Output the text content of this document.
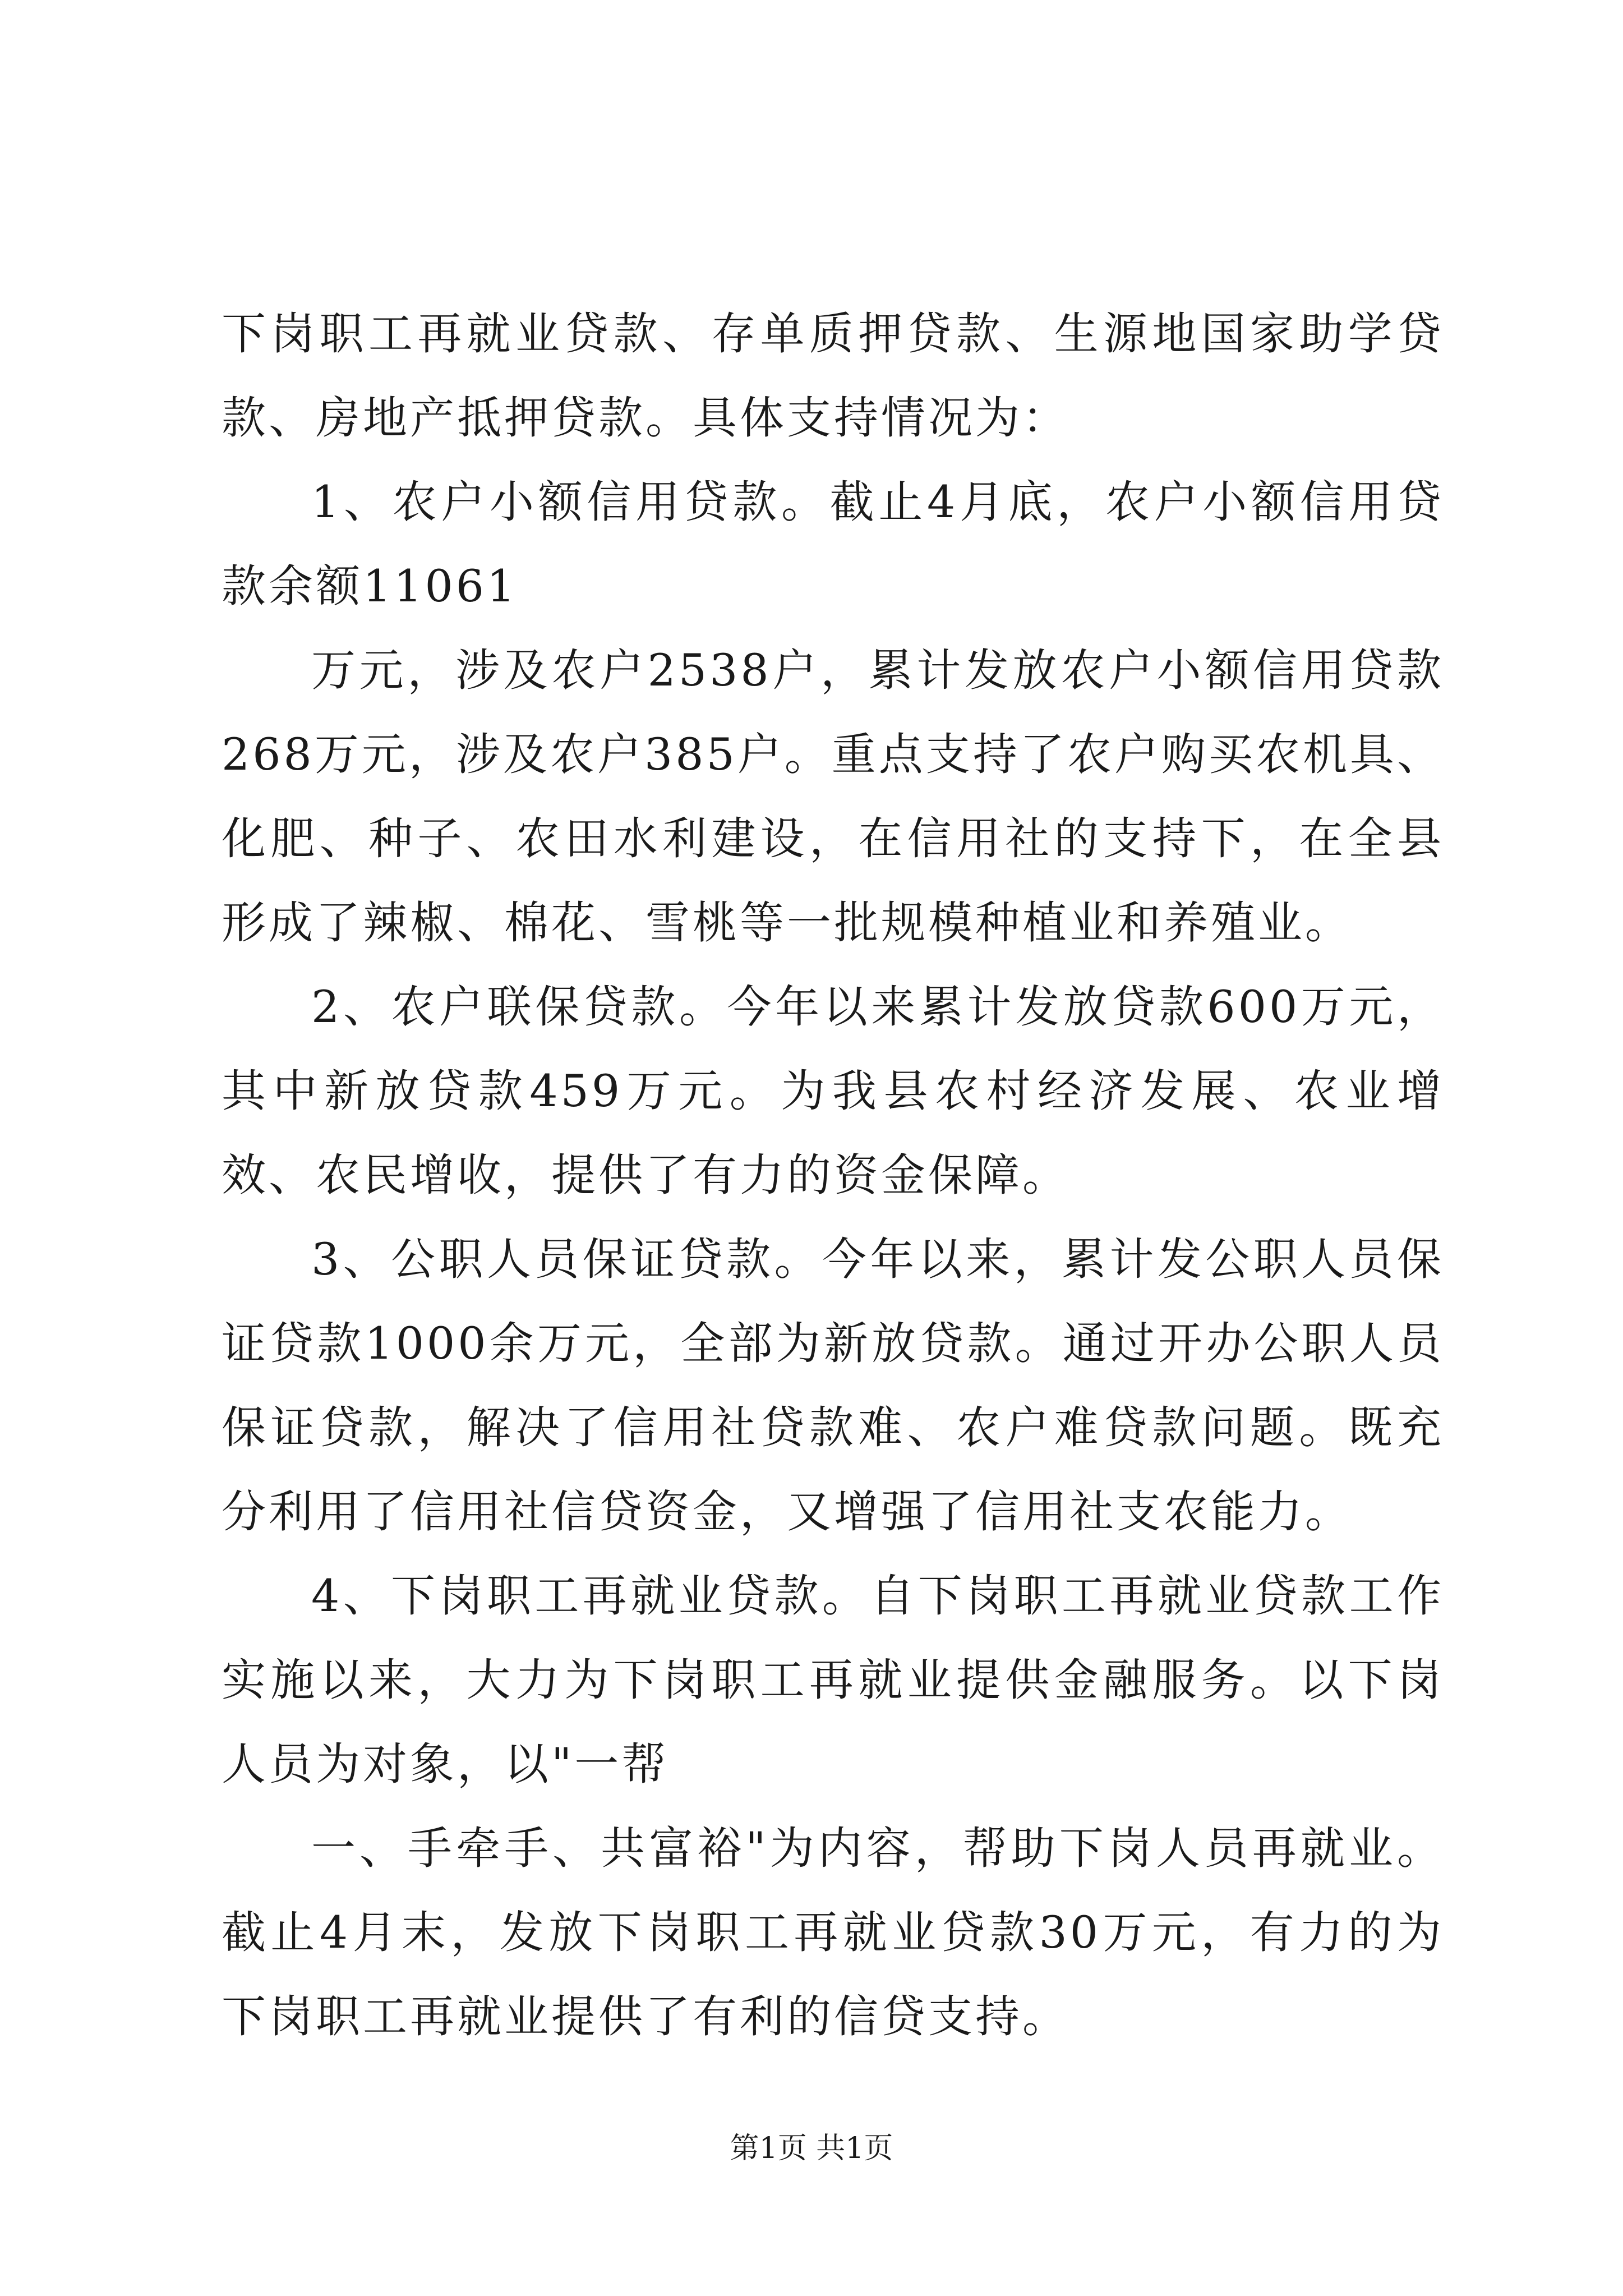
下岗职工再就业贷款、存单质押贷款、生源地国家助学贷款、房地产抵押贷款。具体支持情况为：

1、农户小额信用贷款。截止4月底，农户小额信用贷款余额11061

万元，涉及农户2538户，累计发放农户小额信用贷款268万元，涉及农户385户。重点支持了农户购买农机具、化肥、种子、农田水利建设，在信用社的支持下，在全县形成了辣椒、棉花、雪桃等一批规模种植业和养殖业。

2、农户联保贷款。今年以来累计发放贷款600万元，其中新放贷款459万元。为我县农村经济发展、农业增效、农民增收，提供了有力的资金保障。

3、公职人员保证贷款。今年以来，累计发公职人员保证贷款1000余万元，全部为新放贷款。通过开办公职人员保证贷款，解决了信用社贷款难、农户难贷款问题。既充分利用了信用社信贷资金，又增强了信用社支农能力。

4、下岗职工再就业贷款。自下岗职工再就业贷款工作实施以来，大力为下岗职工再就业提供金融服务。以下岗人员为对象，以"一帮

一、手牵手、共富裕"为内容，帮助下岗人员再就业。截止4月末，发放下岗职工再就业贷款30万元，有力的为下岗职工再就业提供了有利的信贷支持。

第1页 共1页
